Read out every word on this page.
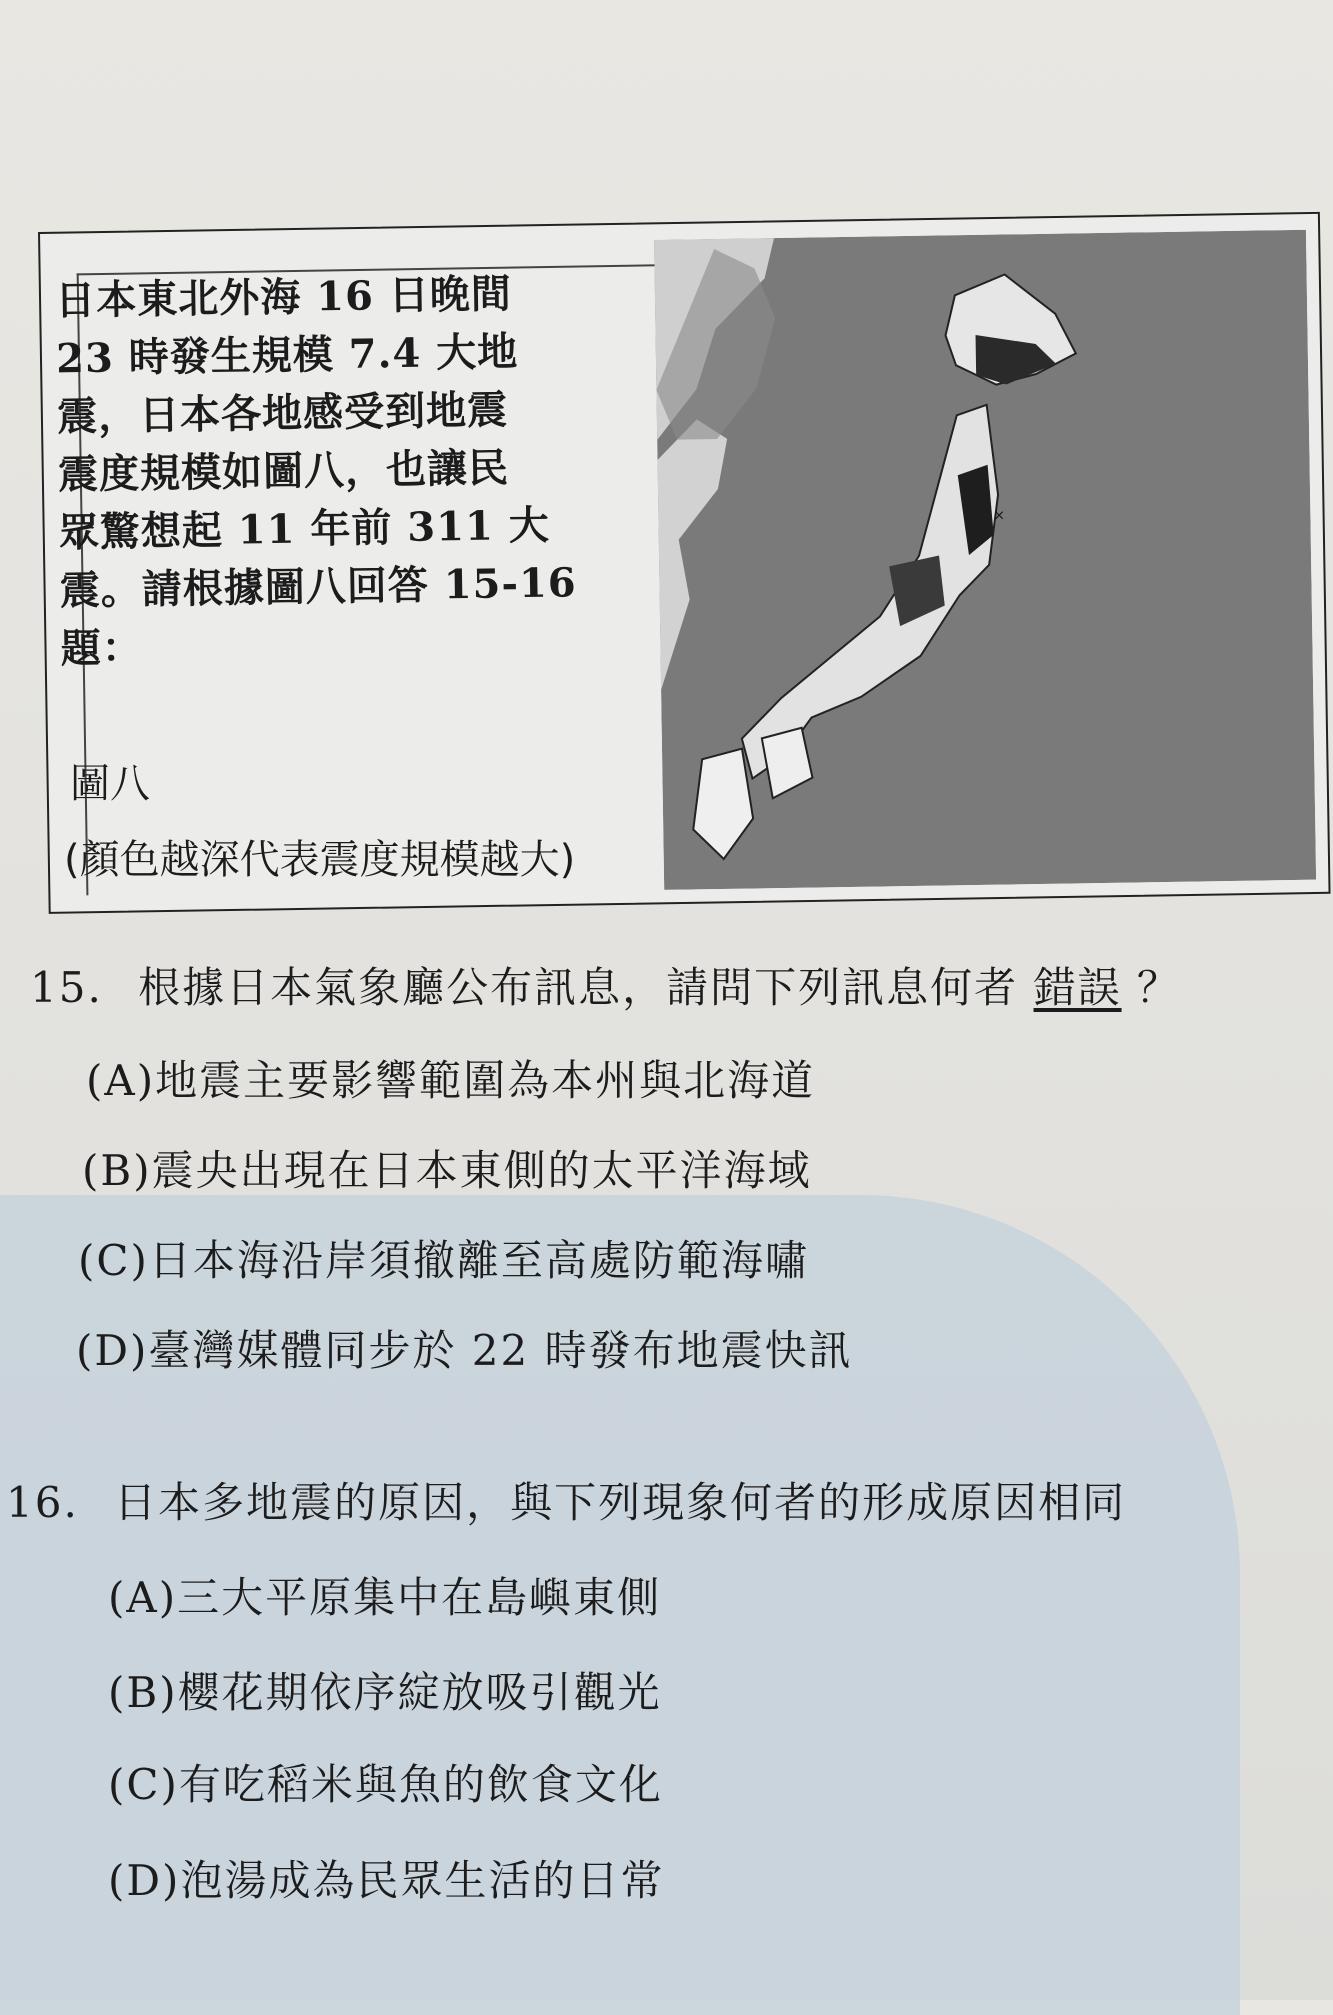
日本東北外海 16 日晚間
23 時發生規模 7.4 大地
震，日本各地感受到地震
震度規模如圖八，也讓民
眾驚想起 11 年前 311 大
震。請根據圖八回答 15-16
題：
圖八
(顏色越深代表震度規模越大)
×
15. 根據日本氣象廳公布訊息，請問下列訊息何者 錯誤 ？
(A)地震主要影響範圍為本州與北海道
(B)震央出現在日本東側的太平洋海域
(C)日本海沿岸須撤離至高處防範海嘯
(D)臺灣媒體同步於 22 時發布地震快訊
16. 日本多地震的原因，與下列現象何者的形成原因相同
(A)三大平原集中在島嶼東側
(B)櫻花期依序綻放吸引觀光
(C)有吃稻米與魚的飲食文化
(D)泡湯成為民眾生活的日常
